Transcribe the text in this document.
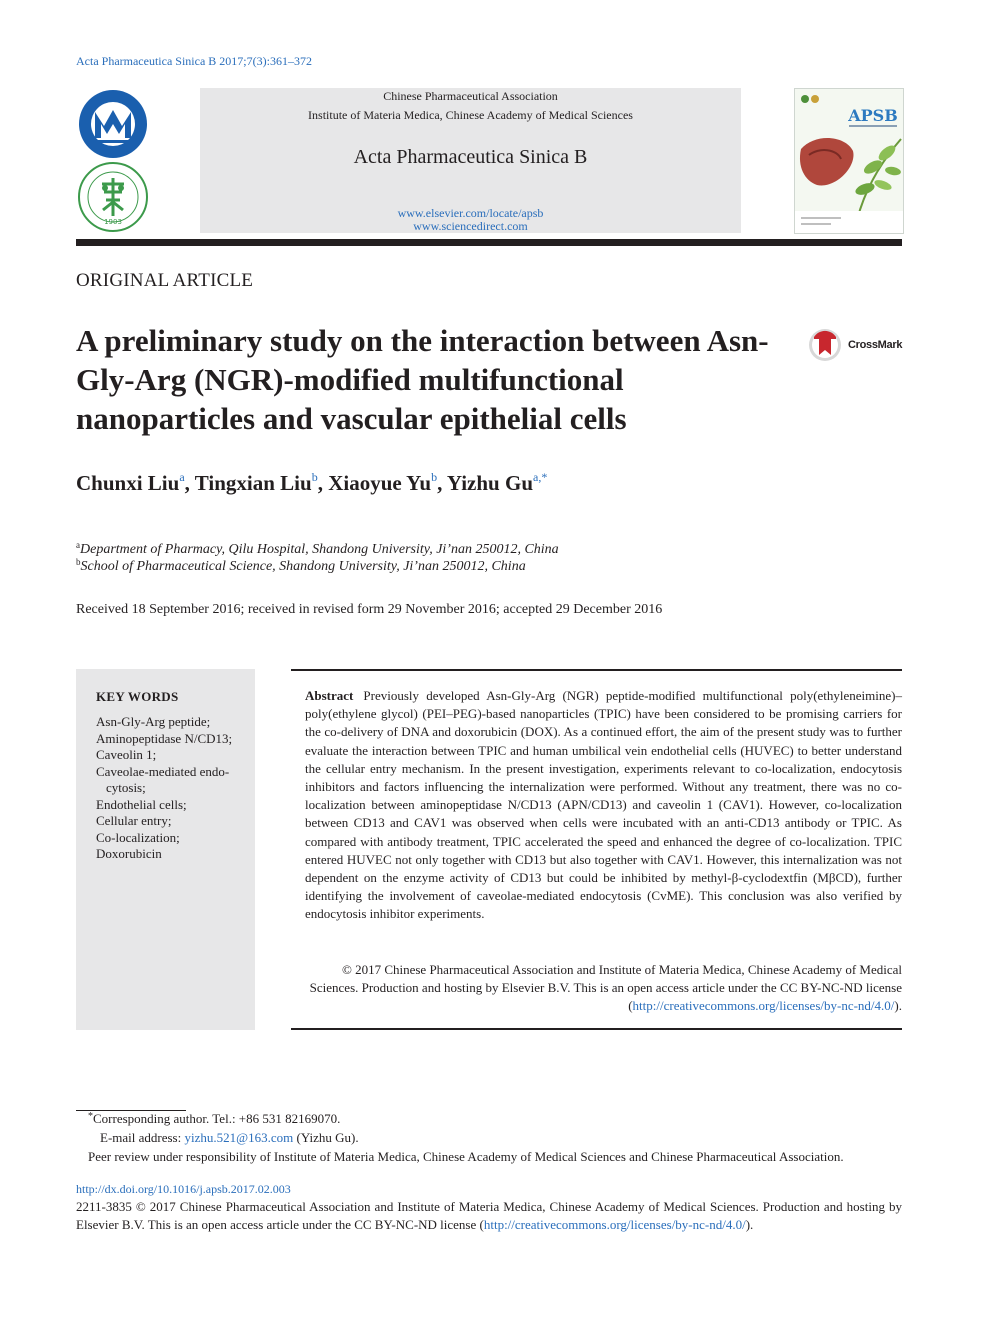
Acta Pharmaceutica Sinica B 2017;7(3):361–372
1903
Chinese Pharmaceutical Association
Institute of Materia Medica, Chinese Academy of Medical Sciences
Acta Pharmaceutica Sinica B
www.elsevier.com/locate/apsb
www.sciencedirect.com
APSB
ORIGINAL ARTICLE
A preliminary study on the interaction between Asn-Gly-Arg (NGR)-modified multifunctional nanoparticles and vascular epithelial cells
CrossMark
Chunxi Liu$^a$, Tingxian Liu$^b$, Xiaoyue Yu$^b$, Yizhu $Gu^{a,*}$
$^a$Department of Pharmacy, Qilu Hospital, Shandong University, Ji’nan 250012, China
$^b$School of Pharmaceutical Science, Shandong University, Ji’nan 250012, China
Received 18 September 2016; received in revised form 29 November 2016; accepted 29 December 2016
KEY WORDS
Asn-Gly-Arg peptide;
Aminopeptidase N/CD13;
Caveolin 1;
Caveolae-mediated endo-cytosis;
Endothelial cells;
Cellular entry;
Co-localization;
Doxorubicin
Abstract Previously developed Asn-Gly-Arg (NGR) peptide-modified multifunctional poly(ethyleneimine)–poly(ethylene glycol) (PEI–PEG)-based nanoparticles (TPIC) have been considered to be promising carriers for the co-delivery of DNA and doxorubicin (DOX). As a continued effort, the aim of the present study was to further evaluate the interaction between TPIC and human umbilical vein endothelial cells (HUVEC) to better understand the cellular entry mechanism. In the present investigation, experiments relevant to co-localization, endocytosis inhibitors and factors influencing the internalization were performed. Without any treatment, there was no co-localization between aminopeptidase N/CD13 (APN/CD13) and caveolin 1 (CAV1). However, co-localization between CD13 and CAV1 was observed when cells were incubated with an anti-CD13 antibody or TPIC. As compared with antibody treatment, TPIC accelerated the speed and enhanced the degree of co-localization. TPIC entered HUVEC not only together with CD13 but also together with CAV1. However, this internalization was not dependent on the enzyme activity of CD13 but could be inhibited by methyl-β-cyclodextfin (MβCD), further identifying the involvement of caveolae-mediated endocytosis (CvME). This conclusion was also verified by endocytosis inhibitor experiments.
© 2017 Chinese Pharmaceutical Association and Institute of Materia Medica, Chinese Academy of Medical Sciences. Production and hosting by Elsevier B.V. This is an open access article under the CC BY-NC-ND license (http://creativecommons.org/licenses/by-nc-nd/4.0/).
*Corresponding author. Tel.: +86 531 82169070.
E-mail address: yizhu.521@163.com (Yizhu Gu).
Peer review under responsibility of Institute of Materia Medica, Chinese Academy of Medical Sciences and Chinese Pharmaceutical Association.
http://dx.doi.org/10.1016/j.apsb.2017.02.003
2211-3835 © 2017 Chinese Pharmaceutical Association and Institute of Materia Medica, Chinese Academy of Medical Sciences. Production and hosting by Elsevier B.V. This is an open access article under the CC BY-NC-ND license (http://creativecommons.org/licenses/by-nc-nd/4.0/).
